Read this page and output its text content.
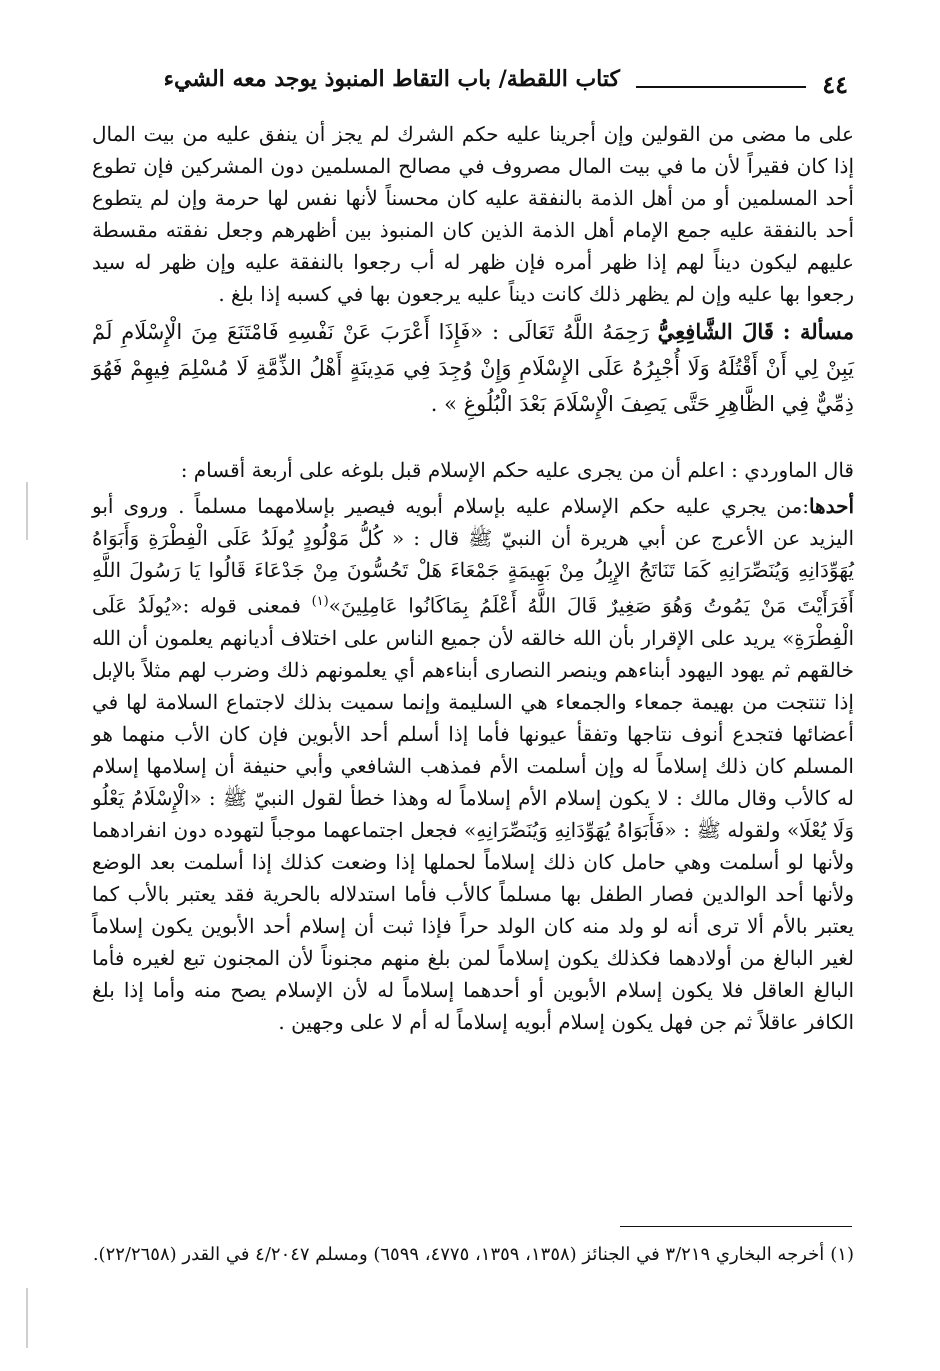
٤٤
كتاب اللقطة/ باب التقاط المنبوذ يوجد معه الشيء

على ما مضى من القولين وإن أجرينا عليه حكم الشرك لم يجز أن ينفق عليه من بيت المال إذا كان فقيراً لأن ما في بيت المال مصروف في مصالح المسلمين دون المشركين فإن تطوع أحد المسلمين أو من أهل الذمة بالنفقة عليه كان محسناً لأنها نفس لها حرمة وإن لم يتطوع أحد بالنفقة عليه جمع الإمام أهل الذمة الذين كان المنبوذ بين أظهرهم وجعل نفقته مقسطة عليهم ليكون ديناً لهم إذا ظهر أمره فإن ظهر له أب رجعوا بالنفقة عليه وإن ظهر له سيد رجعوا بها عليه وإن لم يظهر ذلك كانت ديناً عليه يرجعون بها في كسبه إذا بلغ .

مسألة : قَالَ الشَّافِعِيُّ رَحِمَهُ اللَّهُ تَعَالَى : «فَإِذَا أَعْرَبَ عَنْ نَفْسِهِ فَامْتَنَعَ مِنَ الْإِسْلَامِ لَمْ يَبِنْ لِي أَنْ أَقْتُلَهُ وَلَا أُجْبِرُهُ عَلَى الإِسْلَامِ وَإِنْ وُجِدَ فِي مَدِينَةٍ أَهْلُ الذِّمَّةِ لَا مُسْلِمَ فِيهِمْ فَهُوَ ذِمِّيٌّ فِي الظَّاهِرِ حَتَّى يَصِفَ الْإِسْلَامَ بَعْدَ الْبُلُوغِ » .

قال الماوردي : اعلم أن من يجرى عليه حكم الإسلام قبل بلوغه على أربعة أقسام :

أحدها:من يجري عليه حكم الإسلام عليه بإسلام أبويه فيصير بإسلامهما مسلماً . وروى أبو اليزيد عن الأعرج عن أبي هريرة أن النبيّ ﷺ قال : « كُلُّ مَوْلُودٍ يُولَدُ عَلَى الْفِطْرَةِ وَأَبَوَاهُ يُهَوِّدَانِهِ وَيُنَصِّرَانِهِ كَمَا تَنَاتَجُ الإِبِلُ مِنْ بَهِيمَةٍ جَمْعَاءَ هَلْ تَحُسُّونَ مِنْ جَدْعَاءَ قَالُوا يَا رَسُولَ اللَّهِ أَفَرَأَيْتَ مَنْ يَمُوتُ وَهُوَ صَغِيرٌ قَالَ اللَّهُ أَعْلَمُ بِمَاكَانُوا عَامِلِينَ»$^{(١)}$ فمعنى قوله :«يُولَدُ عَلَى الْفِطْرَةِ» يريد على الإقرار بأن الله خالقه لأن جميع الناس على اختلاف أديانهم يعلمون أن الله خالقهم ثم يهود اليهود أبناءهم وينصر النصارى أبناءهم أي يعلمونهم ذلك وضرب لهم مثلاً بالإبل إذا تنتجت من بهيمة جمعاء والجمعاء هي السليمة وإنما سميت بذلك لاجتماع السلامة لها في أعضائها فتجدع أنوف نتاجها وتفقأ عيونها فأما إذا أسلم أحد الأبوين فإن كان الأب منهما هو المسلم كان ذلك إسلاماً له وإن أسلمت الأم فمذهب الشافعي وأبي حنيفة أن إسلامها إسلام له كالأب وقال مالك : لا يكون إسلام الأم إسلاماً له وهذا خطأ لقول النبيّ ﷺ : «الْإِسْلَامُ يَعْلُو وَلَا يُعْلَا» ولقوله ﷺ : «فَأَبَوَاهُ يُهَوِّدَانِهِ وَيُنَصِّرَانِهِ» فجعل اجتماعهما موجباً لتهوده دون انفرادهما ولأنها لو أسلمت وهي حامل كان ذلك إسلاماً لحملها إذا وضعت كذلك إذا أسلمت بعد الوضع ولأنها أحد الوالدين فصار الطفل بها مسلماً كالأب فأما استدلاله بالحرية فقد يعتبر بالأب كما يعتبر بالأم ألا ترى أنه لو ولد منه كان الولد حراً فإذا ثبت أن إسلام أحد الأبوين يكون إسلاماً لغير البالغ من أولادهما فكذلك يكون إسلاماً لمن بلغ منهم مجنوناً لأن المجنون تبع لغيره فأما البالغ العاقل فلا يكون إسلام الأبوين أو أحدهما إسلاماً له لأن الإسلام يصح منه وأما إذا بلغ الكافر عاقلاً ثم جن فهل يكون إسلام أبويه إسلاماً له أم لا على وجهين .

(١)أخرجه البخاري ٣/٢١٩ في الجنائز (١٣٥٨، ١٣٥٩، ٤٧٧٥، ٦٥٩٩) ومسلم ٤/٢٠٤٧ في القدر (٢٢/٢٦٥٨).
